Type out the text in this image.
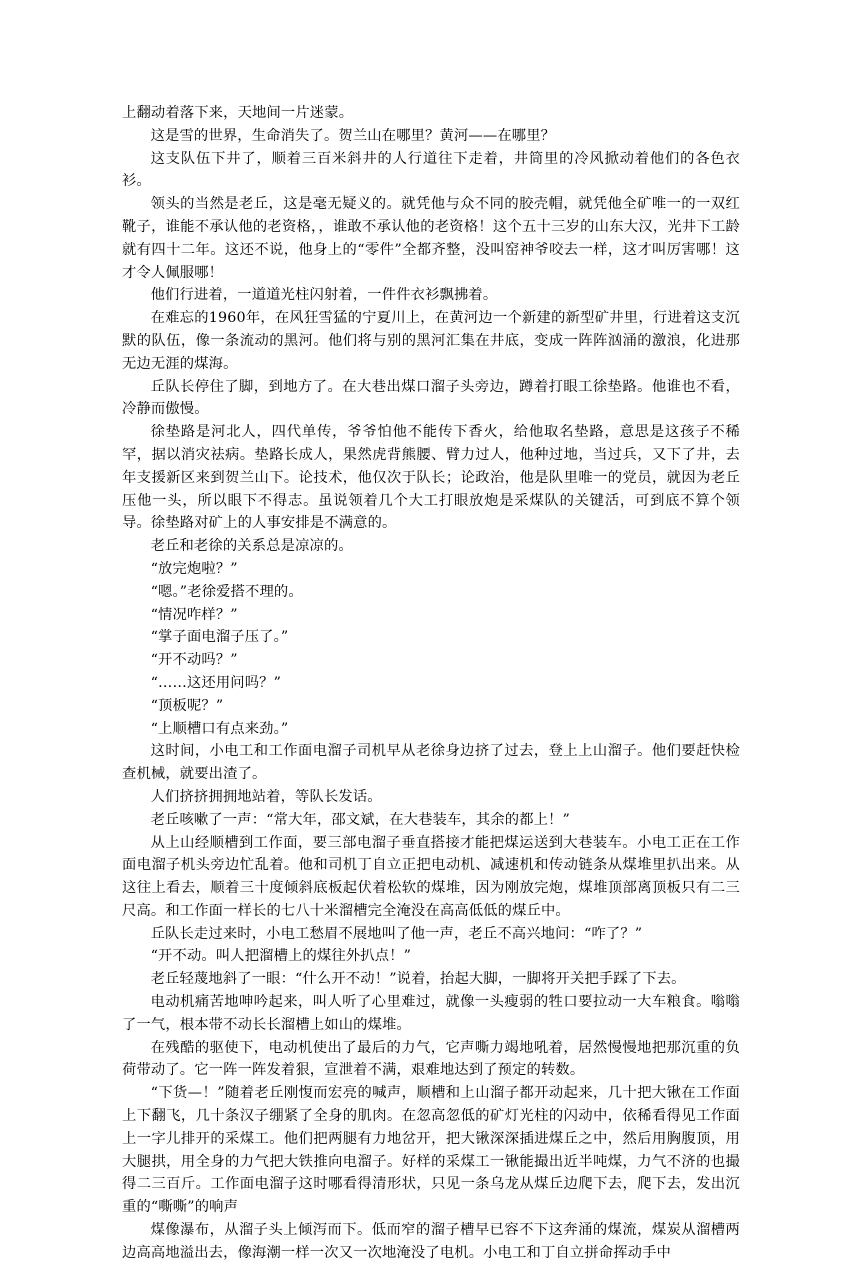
上翻动着落下来，天地间一片迷蒙。

这是雪的世界，生命消失了。贺兰山在哪里？黄河——在哪里？

这支队伍下井了，顺着三百米斜井的人行道往下走着，井筒里的冷风掀动着他们的各色衣衫。

领头的当然是老丘，这是毫无疑义的。就凭他与众不同的胶壳帽，就凭他全矿唯一的一双红靴子，谁能不承认他的老资格，，谁敢不承认他的老资格！这个五十三岁的山东大汉，光井下工龄就有四十二年。这还不说，他身上的“零件”全都齐整，没叫窑神爷咬去一样，这才叫厉害哪！这才令人佩服哪！

他们行进着，一道道光柱闪射着，一件件衣衫飘拂着。

在难忘的1960年，在风狂雪猛的宁夏川上，在黄河边一个新建的新型矿井里，行进着这支沉默的队伍，像一条流动的黑河。他们将与别的黑河汇集在井底，变成一阵阵汹涌的激浪，化进那无边无涯的煤海。

丘队长停住了脚，到地方了。在大巷出煤口溜子头旁边，蹲着打眼工徐垫路。他谁也不看，冷静而傲慢。

徐垫路是河北人，四代单传，爷爷怕他不能传下香火，给他取名垫路，意思是这孩子不稀罕，据以消灾祛病。垫路长成人，果然虎背熊腰、臂力过人，他种过地，当过兵，又下了井，去年支援新区来到贺兰山下。论技术，他仅次于队长；论政治，他是队里唯一的党员，就因为老丘压他一头，所以眼下不得志。虽说领着几个大工打眼放炮是采煤队的关键活，可到底不算个领导。徐垫路对矿上的人事安排是不满意的。

老丘和老徐的关系总是凉凉的。

“放完炮啦？”

“嗯。”老徐爱搭不理的。

“情况咋样？”

“掌子面电溜子压了。”

“开不动吗？”

“……这还用问吗？”

“顶板呢？”

“上顺槽口有点来劲。”

这时间，小电工和工作面电溜子司机早从老徐身边挤了过去，登上上山溜子。他们要赶快检查机械，就要出渣了。

人们挤挤拥拥地站着，等队长发话。

老丘咳嗽了一声：“常大年，邵文斌，在大巷装车，其余的都上！”

从上山经顺槽到工作面，要三部电溜子垂直搭接才能把煤运送到大巷装车。小电工正在工作面电溜子机头旁边忙乱着。他和司机丁自立正把电动机、减速机和传动链条从煤堆里扒出来。从这往上看去，顺着三十度倾斜底板起伏着松软的煤堆，因为刚放完炮，煤堆顶部离顶板只有二三尺高。和工作面一样长的七八十米溜槽完全淹没在高高低低的煤丘中。

丘队长走过来时，小电工愁眉不展地叫了他一声，老丘不高兴地问：“咋了？”

“开不动。叫人把溜槽上的煤往外扒点！”

老丘轻蔑地斜了一眼：“什么开不动！”说着，抬起大脚，一脚将开关把手踩了下去。

电动机痛苦地呻吟起来，叫人听了心里难过，就像一头瘦弱的牲口要拉动一大车粮食。嗡嗡了一气，根本带不动长长溜槽上如山的煤堆。

在残酷的驱使下，电动机使出了最后的力气，它声嘶力竭地吼着，居然慢慢地把那沉重的负荷带动了。它一阵一阵发着狠，宣泄着不满，艰难地达到了预定的转数。

“下货—！”随着老丘刚愎而宏亮的喊声，顺槽和上山溜子都开动起来，几十把大锹在工作面上下翻飞，几十条汉子绷紧了全身的肌肉。在忽高忽低的矿灯光柱的闪动中，依稀看得见工作面上一字儿排开的采煤工。他们把两腿有力地岔开，把大锹深深插进煤丘之中，然后用胸腹顶，用大腿拱，用全身的力气把大铁推向电溜子。好样的采煤工一锹能撮出近半吨煤，力气不济的也撮得二三百斤。工作面电溜子这时哪看得清形状，只见一条乌龙从煤丘边爬下去，爬下去，发出沉重的“嘶嘶”的响声

煤像瀑布，从溜子头上倾泻而下。低而窄的溜子槽早已容不下这奔涌的煤流，煤炭从溜槽两边高高地溢出去，像海潮一样一次又一次地淹没了电机。小电工和丁自立拼命挥动手中
